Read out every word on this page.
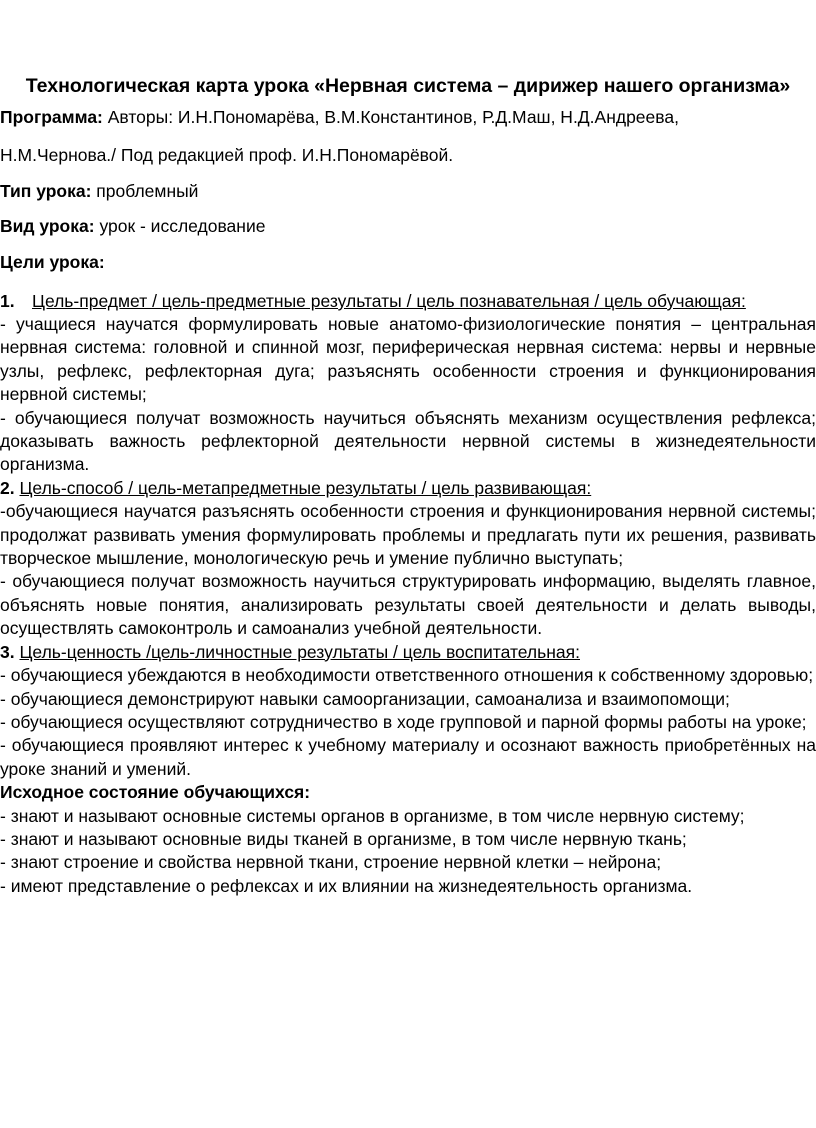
Технологическая карта урока «Нервная система – дирижер нашего организма»

Программа: Авторы: И.Н.Пономарёва, В.М.Константинов, Р.Д.Маш, Н.Д.Андреева,

Н.М.Чернова./ Под редакцией проф. И.Н.Пономарёвой.

Тип урока: проблемный

Вид урока: урок - исследование

Цели урока:

1. Цель-предмет / цель-предметные результаты / цель познавательная / цель обучающая:

- учащиеся научатся формулировать новые анатомо-физиологические понятия – центральная нервная система: головной и спинной мозг, периферическая нервная система: нервы и нервные узлы, рефлекс, рефлекторная дуга; разъяснять особенности строения и функционирования нервной системы;

- обучающиеся получат возможность научиться объяснять механизм осуществления рефлекса; доказывать важность рефлекторной деятельности нервной системы в жизнедеятельности организма.

2. Цель-способ / цель-метапредметные результаты / цель развивающая:

-обучающиеся научатся разъяснять особенности строения и функционирования нервной системы; продолжат развивать умения формулировать проблемы и предлагать пути их решения, развивать творческое мышление, монологическую речь и умение публично выступать;

- обучающиеся получат возможность научиться структурировать информацию, выделять главное, объяснять новые понятия, анализировать результаты своей деятельности и делать выводы, осуществлять самоконтроль и самоанализ учебной деятельности.

3. Цель-ценность /цель-личностные результаты / цель воспитательная:

- обучающиеся убеждаются в необходимости ответственного отношения к собственному здоровью;

- обучающиеся демонстрируют навыки самоорганизации, самоанализа и взаимопомощи;

- обучающиеся осуществляют сотрудничество в ходе групповой и парной формы работы на уроке;

- обучающиеся проявляют интерес к учебному материалу и осознают важность приобретённых на уроке знаний и умений.

Исходное состояние обучающихся:

- знают и называют основные системы органов в организме, в том числе нервную систему;

- знают и называют основные виды тканей в организме, в том числе нервную ткань;

- знают строение и свойства нервной ткани, строение нервной клетки – нейрона;

- имеют представление о рефлексах и их влиянии на жизнедеятельность организма.
